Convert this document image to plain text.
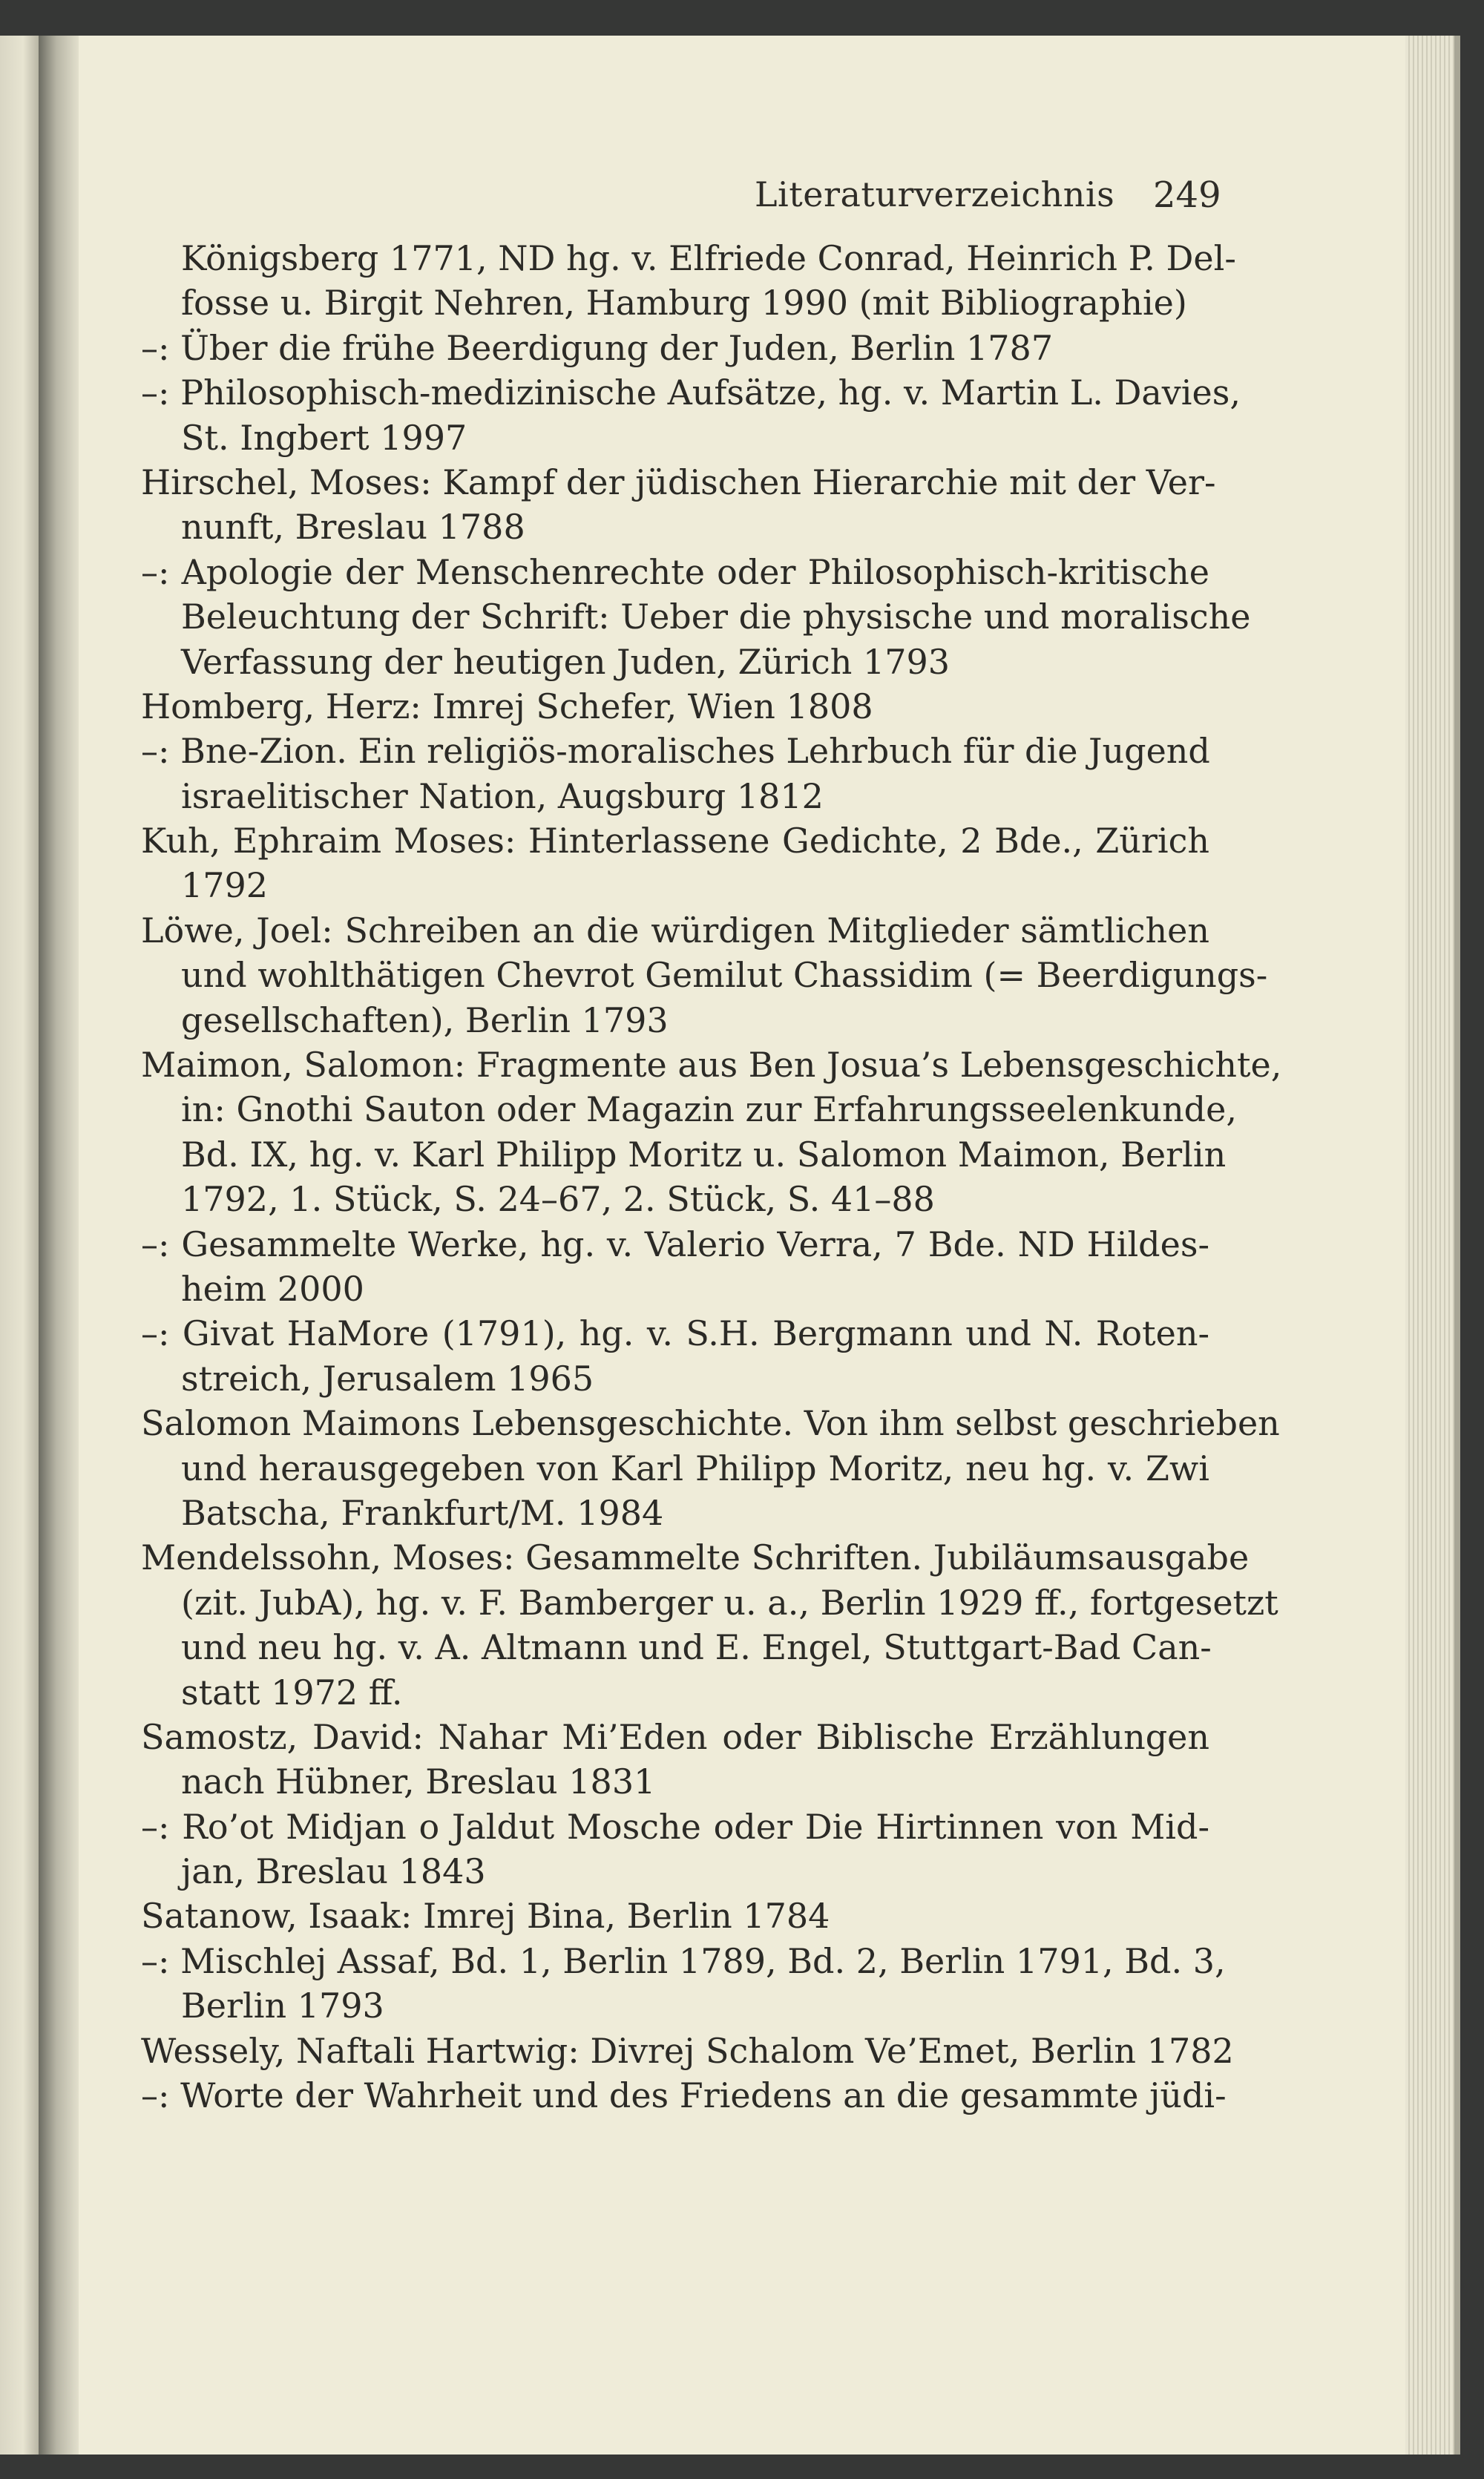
Literaturverzeichnis 249
Königsberg 1771, ND hg. v. Elfriede Conrad, Heinrich P. Del-
fosse u. Birgit Nehren, Hamburg 1990 (mit Bibliographie)
–: Über die frühe Beerdigung der Juden, Berlin 1787
–: Philosophisch-medizinische Aufsätze, hg. v. Martin L. Davies,
St. Ingbert 1997
Hirschel, Moses: Kampf der jüdischen Hierarchie mit der Ver-
nunft, Breslau 1788
–: Apologie der Menschenrechte oder Philosophisch-kritische
Beleuchtung der Schrift: Ueber die physische und moralische
Verfassung der heutigen Juden, Zürich 1793
Homberg, Herz: Imrej Schefer, Wien 1808
–: Bne-Zion. Ein religiös-moralisches Lehrbuch für die Jugend
israelitischer Nation, Augsburg 1812
Kuh, Ephraim Moses: Hinterlassene Gedichte, 2 Bde., Zürich
1792
Löwe, Joel: Schreiben an die würdigen Mitglieder sämtlichen
und wohlthätigen Chevrot Gemilut Chassidim (= Beerdigungs-
gesellschaften), Berlin 1793
Maimon, Salomon: Fragmente aus Ben Josua’s Lebensgeschichte,
in: Gnothi Sauton oder Magazin zur Erfahrungsseelenkunde,
Bd. IX, hg. v. Karl Philipp Moritz u. Salomon Maimon, Berlin
1792, 1. Stück, S. 24–67, 2. Stück, S. 41–88
–: Gesammelte Werke, hg. v. Valerio Verra, 7 Bde. ND Hildes-
heim 2000
–: Givat HaMore (1791), hg. v. S.H. Bergmann und N. Roten-
streich, Jerusalem 1965
Salomon Maimons Lebensgeschichte. Von ihm selbst geschrieben
und herausgegeben von Karl Philipp Moritz, neu hg. v. Zwi
Batscha, Frankfurt/M. 1984
Mendelssohn, Moses: Gesammelte Schriften. Jubiläumsausgabe
(zit. JubA), hg. v. F. Bamberger u. a., Berlin 1929 ff., fortgesetzt
und neu hg. v. A. Altmann und E. Engel, Stuttgart-Bad Can-
statt 1972 ff.
Samostz, David: Nahar Mi’Eden oder Biblische Erzählungen
nach Hübner, Breslau 1831
–: Ro’ot Midjan o Jaldut Mosche oder Die Hirtinnen von Mid-
jan, Breslau 1843
Satanow, Isaak: Imrej Bina, Berlin 1784
–: Mischlej Assaf, Bd. 1, Berlin 1789, Bd. 2, Berlin 1791, Bd. 3,
Berlin 1793
Wessely, Naftali Hartwig: Divrej Schalom Ve’Emet, Berlin 1782
–: Worte der Wahrheit und des Friedens an die gesammte jüdi-
